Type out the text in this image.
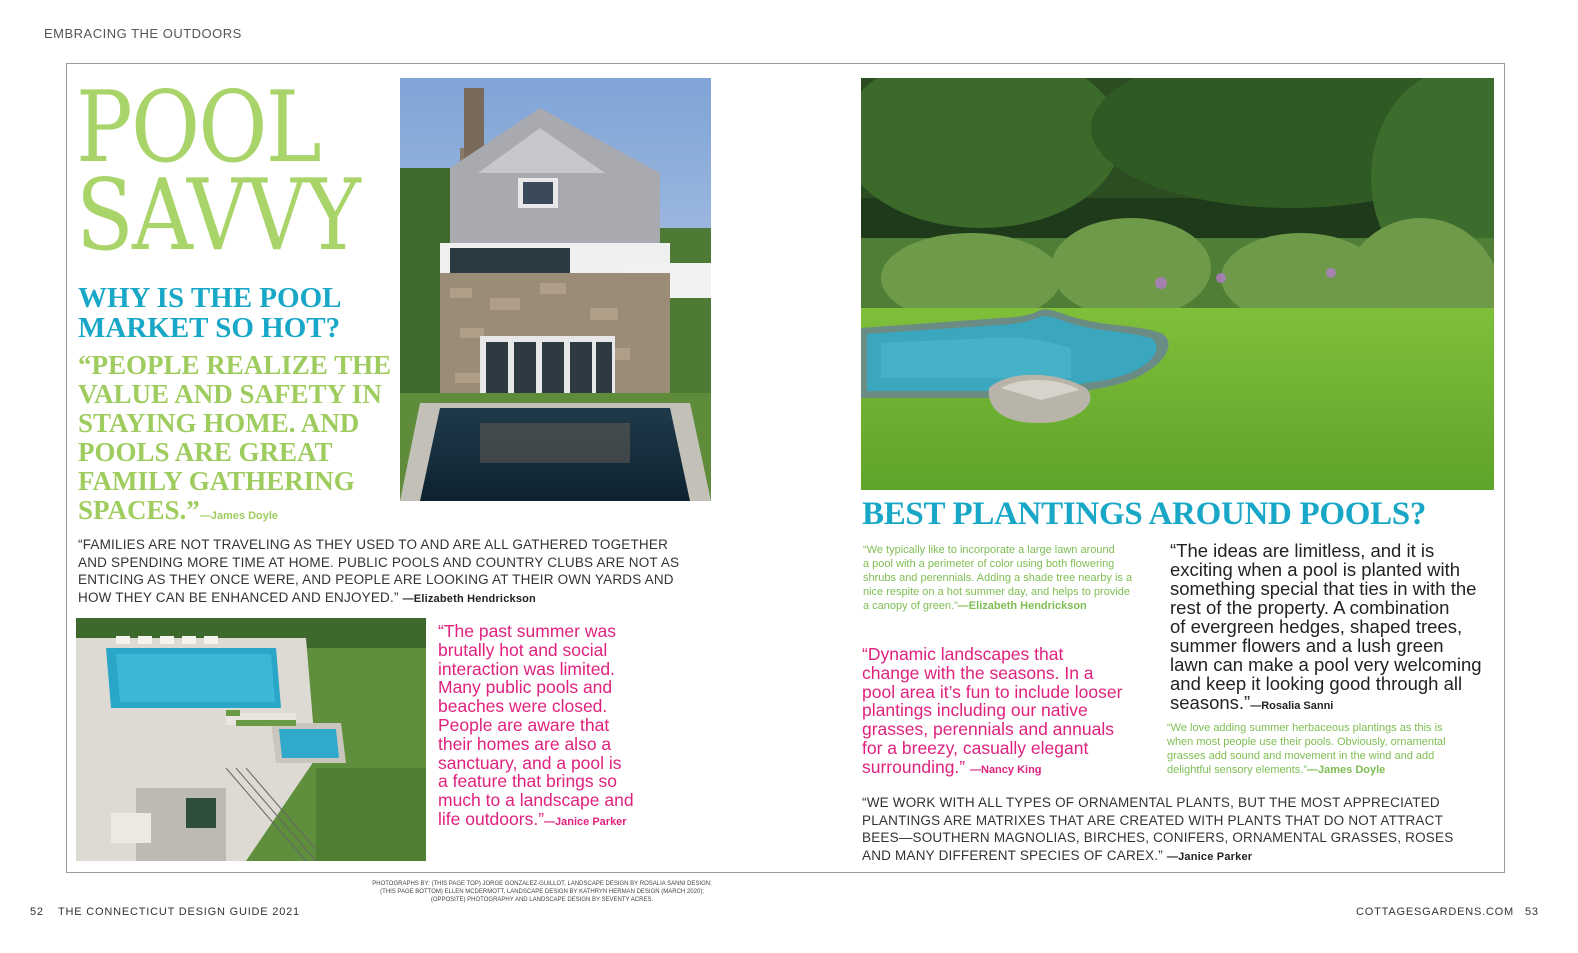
EMBRACING THE OUTDOORS
POOL
SAVVY
WHY IS THE POOL
MARKET SO HOT?
“PEOPLE REALIZE THE
VALUE AND SAFETY IN
STAYING HOME. AND
POOLS ARE GREAT
FAMILY GATHERING
SPACES.”—James Doyle
“FAMILIES ARE NOT TRAVELING AS THEY USED TO AND ARE ALL GATHERED TOGETHER
AND SPENDING MORE TIME AT HOME. PUBLIC POOLS AND COUNTRY CLUBS ARE NOT AS
ENTICING AS THEY ONCE WERE, AND PEOPLE ARE LOOKING AT THEIR OWN YARDS AND
HOW THEY CAN BE ENHANCED AND ENJOYED.” —Elizabeth Hendrickson
“The past summer was
brutally hot and social
interaction was limited.
Many public pools and
beaches were closed.
People are aware that
their homes are also a
sanctuary, and a pool is
a feature that brings so
much to a landscape and
life outdoors.”—Janice Parker
BEST PLANTINGS AROUND POOLS?
“We typically like to incorporate a large lawn around
a pool with a perimeter of color using both flowering
shrubs and perennials. Adding a shade tree nearby is a
nice respite on a hot summer day, and helps to provide
a canopy of green.”—Elizabeth Hendrickson
“Dynamic landscapes that
change with the seasons. In a
pool area it’s fun to include looser
plantings including our native
grasses, perennials and annuals
for a breezy, casually elegant
surrounding.” —Nancy King
“The ideas are limitless, and it is
exciting when a pool is planted with
something special that ties in with the
rest of the property. A combination
of evergreen hedges, shaped trees,
summer flowers and a lush green
lawn can make a pool very welcoming
and keep it looking good through all
seasons.”—Rosalia Sanni
“We love adding summer herbaceous plantings as this is
when most people use their pools. Obviously, ornamental
grasses add sound and movement in the wind and add
delightful sensory elements.”—James Doyle
“WE WORK WITH ALL TYPES OF ORNAMENTAL PLANTS, BUT THE MOST APPRECIATED
PLANTINGS ARE MATRIXES THAT ARE CREATED WITH PLANTS THAT DO NOT ATTRACT
BEES—SOUTHERN MAGNOLIAS, BIRCHES, CONIFERS, ORNAMENTAL GRASSES, ROSES
AND MANY DIFFERENT SPECIES OF CAREX.” —Janice Parker
PHOTOGRAPHS BY: (THIS PAGE TOP) JORGE GONZALEZ-GUILLOT, LANDSCAPE DESIGN BY ROSALIA SANNI DESIGN;
(THIS PAGE BOTTOM) ELLEN MCDERMOTT, LANDSCAPE DESIGN BY KATHRYN HERMAN DESIGN (MARCH 2020);
(OPPOSITE) PHOTOGRAPHY AND LANDSCAPE DESIGN BY SEVENTY ACRES.
52 THE CONNECTICUT DESIGN GUIDE 2021	COTTAGESGARDENS.COM 53
